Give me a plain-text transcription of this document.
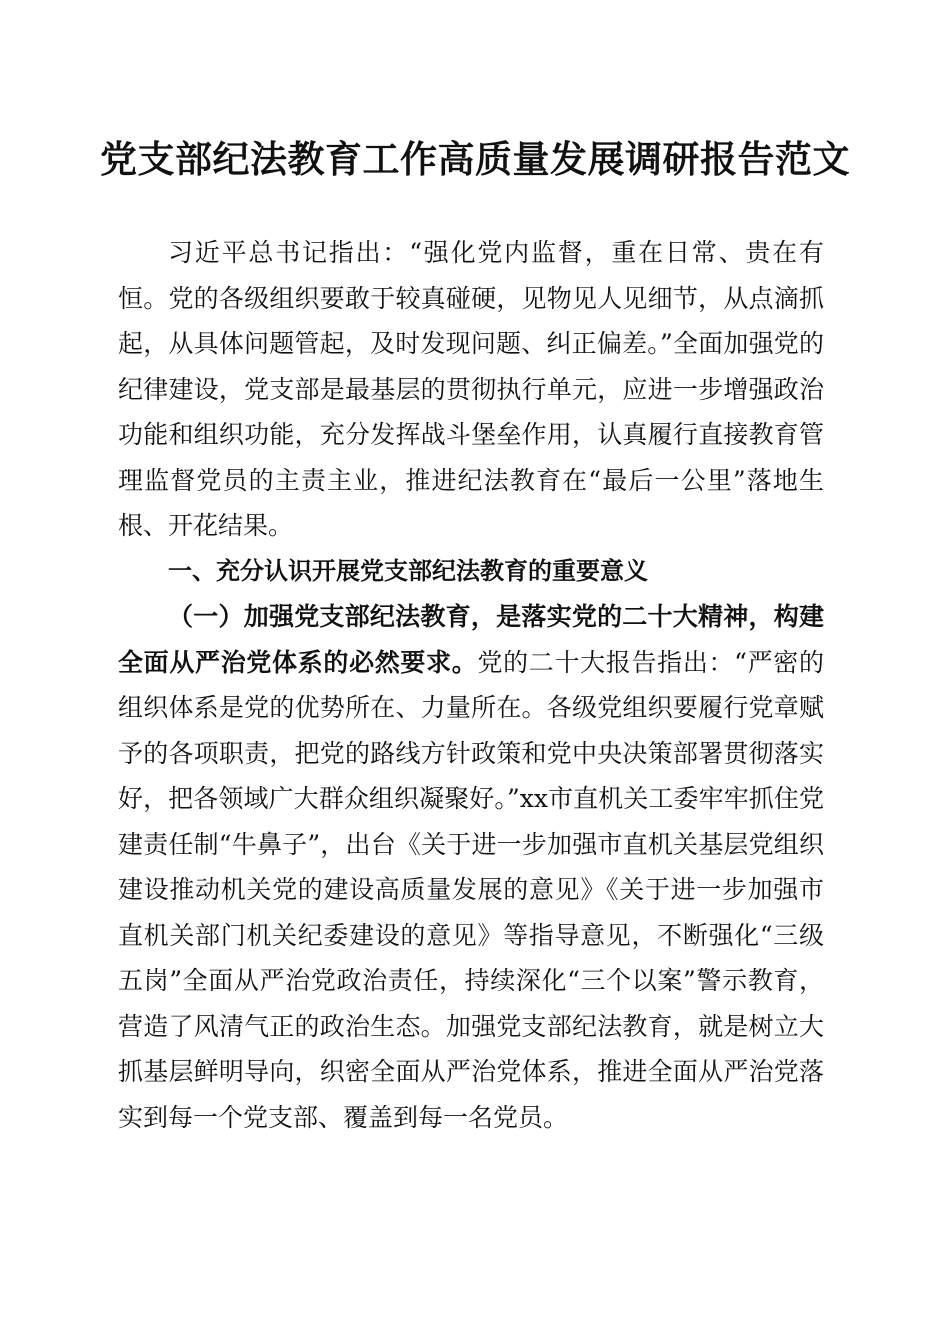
党支部纪法教育工作高质量发展调研报告范文

习近平总书记指出：“强化党内监督，重在日常、贵在有恒。党的各级组织要敢于较真碰硬，见物见人见细节，从点滴抓起，从具体问题管起，及时发现问题、纠正偏差。”全面加强党的纪律建设，党支部是最基层的贯彻执行单元，应进一步增强政治功能和组织功能，充分发挥战斗堡垒作用，认真履行直接教育管理监督党员的主责主业，推进纪法教育在“最后一公里”落地生根、开花结果。

一、充分认识开展党支部纪法教育的重要意义

（一）加强党支部纪法教育，是落实党的二十大精神，构建全面从严治党体系的必然要求。党的二十大报告指出：“严密的组织体系是党的优势所在、力量所在。各级党组织要履行党章赋予的各项职责，把党的路线方针政策和党中央决策部署贯彻落实好，把各领域广大群众组织凝聚好。”xx市直机关工委牢牢抓住党建责任制“牛鼻子”，出台《关于进一步加强市直机关基层党组织建设推动机关党的建设高质量发展的意见》《关于进一步加强市直机关部门机关纪委建设的意见》等指导意见，不断强化“三级五岗”全面从严治党政治责任，持续深化“三个以案”警示教育，营造了风清气正的政治生态。加强党支部纪法教育，就是树立大抓基层鲜明导向，织密全面从严治党体系，推进全面从严治党落实到每一个党支部、覆盖到每一名党员。
